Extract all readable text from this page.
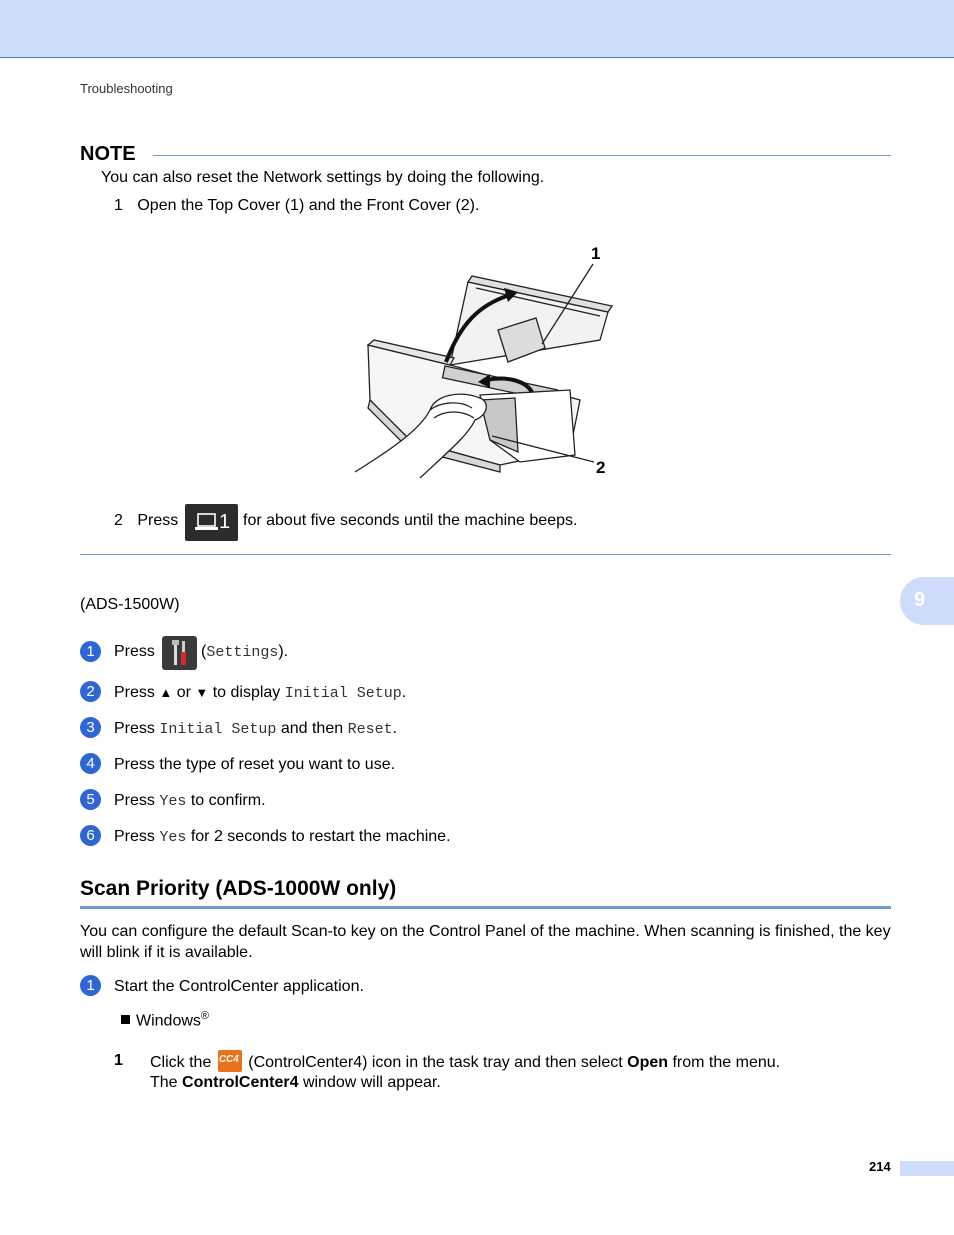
Troubleshooting
NOTE
You can also reset the Network settings by doing the following.
1 Open the Top Cover (1) and the Front Cover (2).
1
2
2 Press 1 for about five seconds until the machine beeps.
9
(ADS-1500W)
1	Press	(Settings).
2	Press ▲ or ▼ to display Initial Setup.
3	Press Initial Setup and then Reset.
4	Press the type of reset you want to use.
5	Press Yes to confirm.
6	Press Yes for 2 seconds to restart the machine.
Scan Priority (ADS-1000W only)
You can configure the default Scan-to key on the Control Panel of the machine. When scanning is finished, the key will blink if it is available.
1	Start the ControlCenter application.
Windows®
1 Click the CC4 (ControlCenter4) icon in the task tray and then select Open from the menu.
The ControlCenter4 window will appear.
214
